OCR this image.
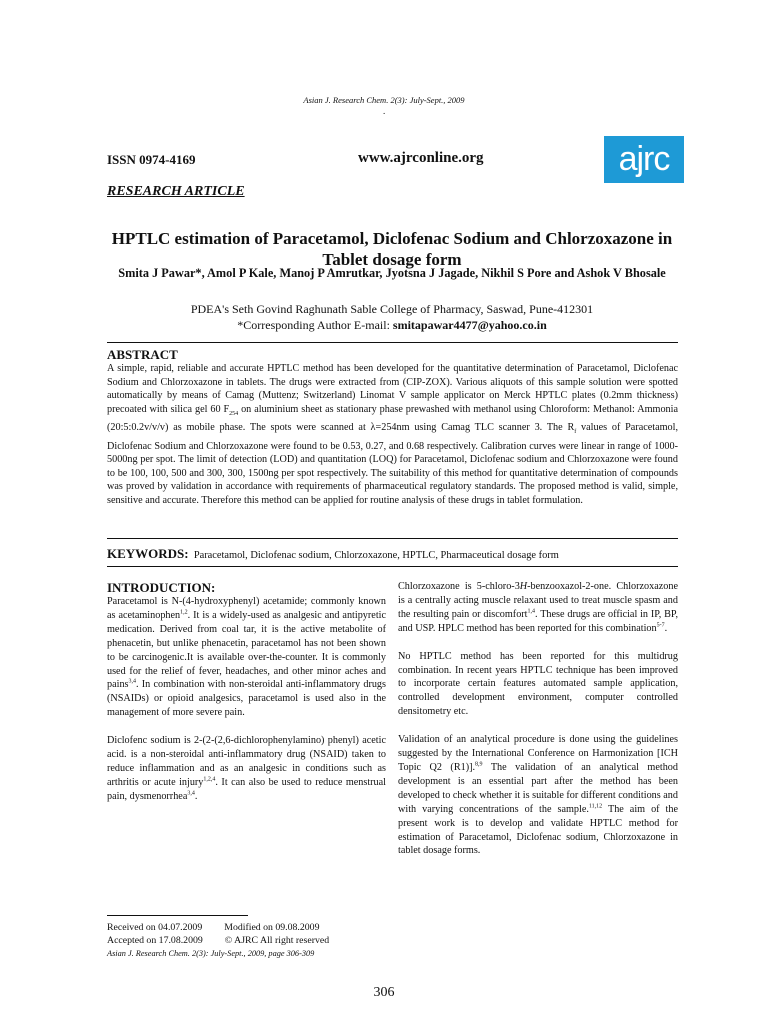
Asian J. Research Chem. 2(3): July-Sept., 2009
.
ISSN 0974-4169	www.ajrconline.org	ajrc
RESEARCH ARTICLE
HPTLC estimation of Paracetamol, Diclofenac Sodium and Chlorzoxazone in Tablet dosage form
Smita J Pawar*, Amol P Kale, Manoj P Amrutkar, Jyotsna J Jagade, Nikhil S Pore and Ashok V Bhosale
PDEA's Seth Govind Raghunath Sable College of Pharmacy, Saswad, Pune-412301
*Corresponding Author E-mail: smitapawar4477@yahoo.co.in
ABSTRACT
A simple, rapid, reliable and accurate HPTLC method has been developed for the quantitative determination of Paracetamol, Diclofenac Sodium and Chlorzoxazone in tablets. The drugs were extracted from (CIP-ZOX). Various aliquots of this sample solution were spotted automatically by means of Camag (Muttenz; Switzerland) Linomat V sample applicator on Merck HPTLC plates (0.2mm thickness) precoated with silica gel 60 $F_{254}$ on aluminium sheet as stationary phase prewashed with methanol using Chloroform: Methanol: Ammonia (20:5:0.2v/v/v) as mobile phase. The spots were scanned at λ=254nm using Camag TLC scanner 3. The $R_f$ values of Paracetamol, Diclofenac Sodium and Chlorzoxazone were found to be 0.53, 0.27, and 0.68 respectively. Calibration curves were linear in range of 1000-5000ng per spot. The limit of detection (LOD) and quantitation (LOQ) for Paracetamol, Diclofenac sodium and Chlorzoxazone were found to be 100, 100, 500 and 300, 300, 1500ng per spot respectively. The suitability of this method for quantitative determination of compounds was proved by validation in accordance with requirements of pharmaceutical regulatory standards. The proposed method is valid, simple, sensitive and accurate. Therefore this method can be applied for routine analysis of these drugs in tablet formulation.
KEYWORDS: Paracetamol, Diclofenac sodium, Chlorzoxazone, HPTLC, Pharmaceutical dosage form
INTRODUCTION:

Paracetamol is N-(4-hydroxyphenyl) acetamide; commonly known as acetaminophen$^{1,2}$. It is a widely-used as analgesic and antipyretic medication. Derived from coal tar, it is the active metabolite of phenacetin, but unlike phenacetin, paracetamol has not been shown to be carcinogenic.It is available over-the-counter. It is commonly used for the relief of fever, headaches, and other minor aches and pains$^{3,4}$. In combination with non-steroidal anti-inflammatory drugs (NSAIDs) or opioid analgesics, paracetamol is used also in the management of more severe pain.

Diclofenc sodium is 2-(2-(2,6-dichlorophenylamino) phenyl) acetic acid. is a non-steroidal anti-inflammatory drug (NSAID) taken to reduce inflammation and as an analgesic in conditions such as arthritis or acute injury$^{1,2,4}$. It can also be used to reduce menstrual pain, dysmenorrhea$^{3,4}$.

Chlorzoxazone is 5-chloro-3H-benzooxazol-2-one. Chlorzoxazone is a centrally acting muscle relaxant used to treat muscle spasm and the resulting pain or discomfort$^{1,4}$. These drugs are official in IP, BP, and USP. HPLC method has been reported for this combination$^{5-7}$.

No HPTLC method has been reported for this multidrug combination. In recent years HPTLC technique has been improved to incorporate certain features automated sample application, controlled development environment, computer controlled densitometry etc.

Validation of an analytical procedure is done using the guidelines suggested by the International Conference on Harmonization [ICH Topic Q2 (R1)].$^{8,9}$ The validation of an analytical method development is an essential part after the method has been developed to check whether it is suitable for different conditions and with varying concentrations of the sample.$^{11,12}$ The aim of the present work is to develop and validate HPTLC method for estimation of Paracetamol, Diclofenac sodium, Chlorzoxazone in tablet dosage forms.

Received on 04.07.2009 Modified on 09.08.2009
Accepted on 17.08.2009 © AJRC All right reserved
Asian J. Research Chem. 2(3): July-Sept., 2009, page 306-309
306
